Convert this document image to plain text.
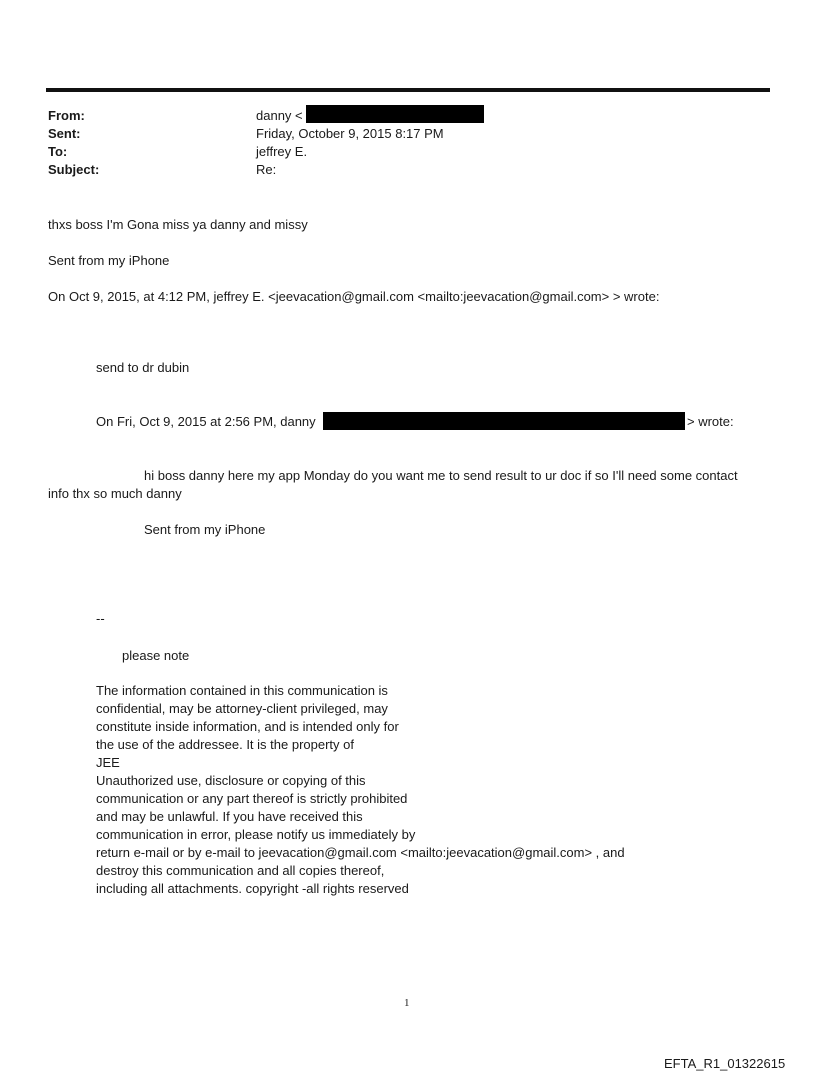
From:	danny <
Sent:	Friday, October 9, 2015 8:17 PM
To:	jeffrey E.
Subject:	Re:
thxs boss I'm Gona miss ya danny and missy
Sent from my iPhone
On Oct 9, 2015, at 4:12 PM, jeffrey E. <jeevacation@gmail.com <mailto:jeevacation@gmail.com> > wrote:
send to dr dubin
On Fri, Oct 9, 2015 at 2:56 PM, danny	> wrote:
hi boss danny here my app Monday do you want me to send result to ur doc if so I'll need some contact
info thx so much danny
Sent from my iPhone
--
please note
The information contained in this communication is
confidential, may be attorney-client privileged, may
constitute inside information, and is intended only for
the use of the addressee. It is the property of
JEE
Unauthorized use, disclosure or copying of this
communication or any part thereof is strictly prohibited
and may be unlawful. If you have received this
communication in error, please notify us immediately by
return e-mail or by e-mail to jeevacation@gmail.com <mailto:jeevacation@gmail.com> , and
destroy this communication and all copies thereof,
including all attachments. copyright -all rights reserved
1
EFTA_R1_01322615
